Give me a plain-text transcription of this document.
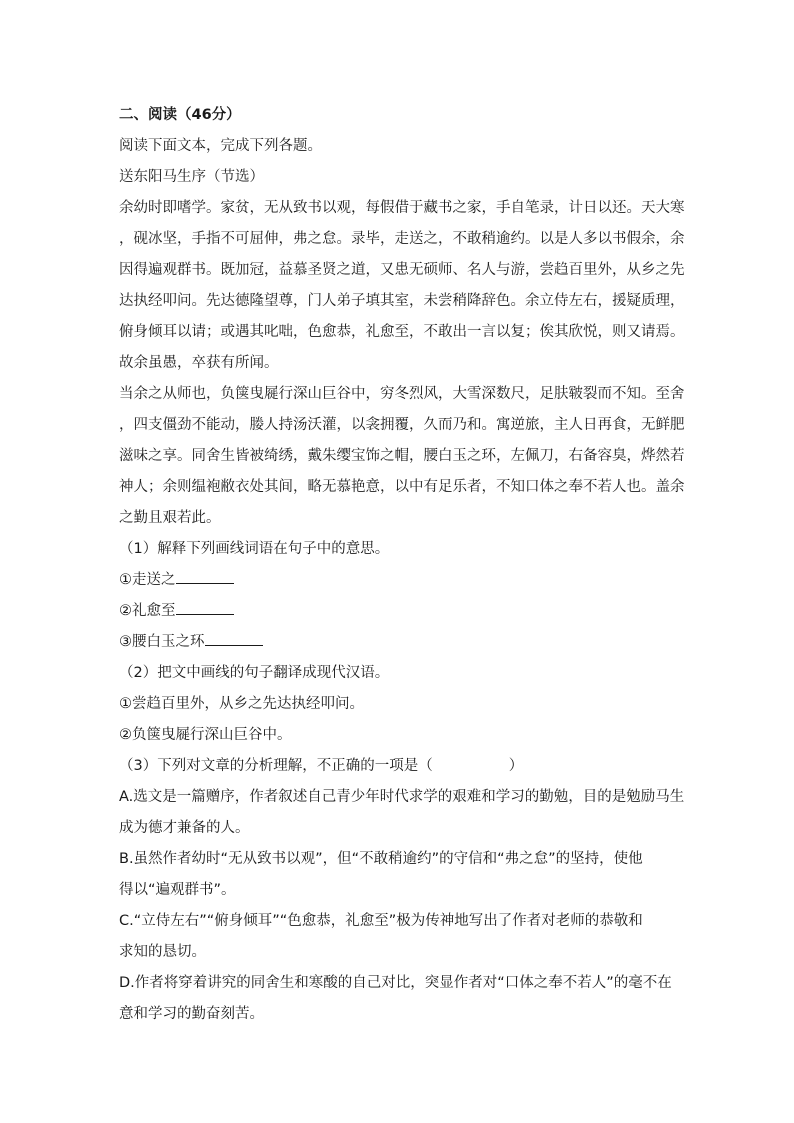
二、阅读（46分）
阅读下面文本，完成下列各题。
送东阳马生序（节选）
余幼时即嗜学。家贫，无从致书以观，每假借于藏书之家，手自笔录，计日以还。天大寒
，砚冰坚，手指不可屈伸，弗之怠。录毕，走送之，不敢稍逾约。以是人多以书假余，余
因得遍观群书。既加冠，益慕圣贤之道，又患无硕师、名人与游，尝趋百里外，从乡之先
达执经叩问。先达德隆望尊，门人弟子填其室，未尝稍降辞色。余立侍左右，援疑质理，
俯身倾耳以请；或遇其叱咄，色愈恭，礼愈至，不敢出一言以复；俟其欣悦，则又请焉。
故余虽愚，卒获有所闻。
当余之从师也，负箧曳屣行深山巨谷中，穷冬烈风，大雪深数尺，足肤皲裂而不知。至舍
，四支僵劲不能动，媵人持汤沃灌，以衾拥覆，久而乃和。寓逆旅，主人日再食，无鲜肥
滋味之享。同舍生皆被绮绣，戴朱缨宝饰之帽，腰白玉之环，左佩刀，右备容臭，烨然若
神人；余则缊袍敝衣处其间，略无慕艳意，以中有足乐者，不知口体之奉不若人也。盖余
之勤且艰若此。
（1）解释下列画线词语在句子中的意思。
①走送之
②礼愈至
③腰白玉之环
（2）把文中画线的句子翻译成现代汉语。
①尝趋百里外，从乡之先达执经叩问。
②负箧曳屣行深山巨谷中。
（3）下列对文章的分析理解，不正确的一项是（	）
A.选文是一篇赠序，作者叙述自己青少年时代求学的艰难和学习的勤勉，目的是勉励马生
成为德才兼备的人。
B.虽然作者幼时“无从致书以观”，但“不敢稍逾约”的守信和“弗之怠”的坚持，使他
得以“遍观群书”。
C.“立侍左右”“俯身倾耳”“色愈恭，礼愈至”极为传神地写出了作者对老师的恭敬和
求知的恳切。
D.作者将穿着讲究的同舍生和寒酸的自己对比，突显作者对“口体之奉不若人”的毫不在
意和学习的勤奋刻苦。
